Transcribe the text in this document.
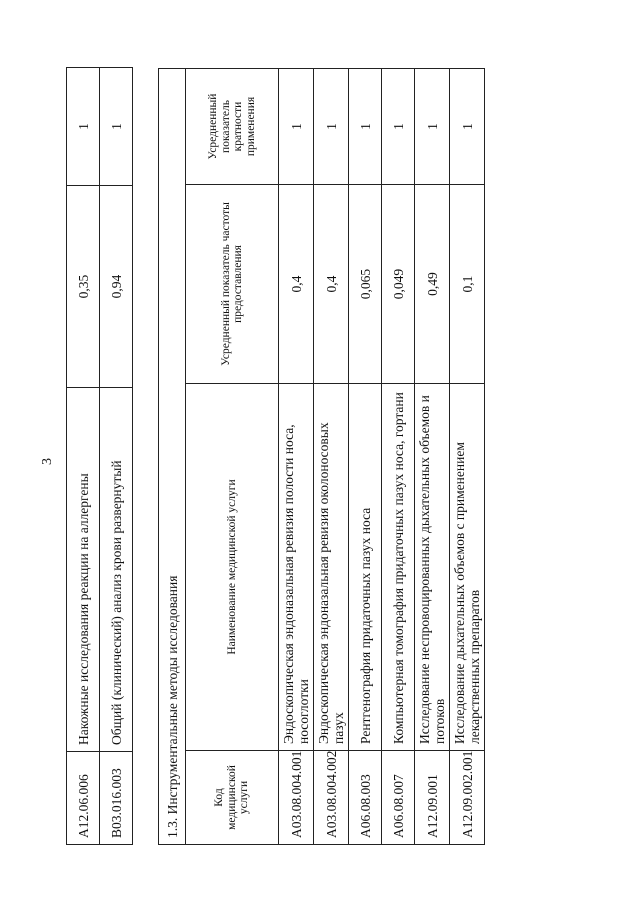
3
A12.06.006	Накожные исследования реакции на аллергены	0,35	1
B03.016.003	Общий (клинический) анализ крови развернутый	0,94	1
1.3. Инструментальные методы исследования			
Код медицинской услуги	Наименование медицинской услуги	Усредненный показатель частоты предоставления	Усредненный показатель кратности применения
A03.08.004.001	Эндоскопическая эндоназальная ревизия полости носа, носоглотки	0,4	1
A03.08.004.002	Эндоскопическая эндоназальная ревизия околоносовых пазух	0,4	1
A06.08.003	Рентгенография придаточных пазух носа	0,065	1
A06.08.007	Компьютерная томография придаточных пазух носа, гортани	0,049	1
A12.09.001	Исследование неспровоцированных дыхательных объемов и потоков	0,49	1
A12.09.002.001	Исследование дыхательных объемов с применением лекарственных препаратов	0,1	1
